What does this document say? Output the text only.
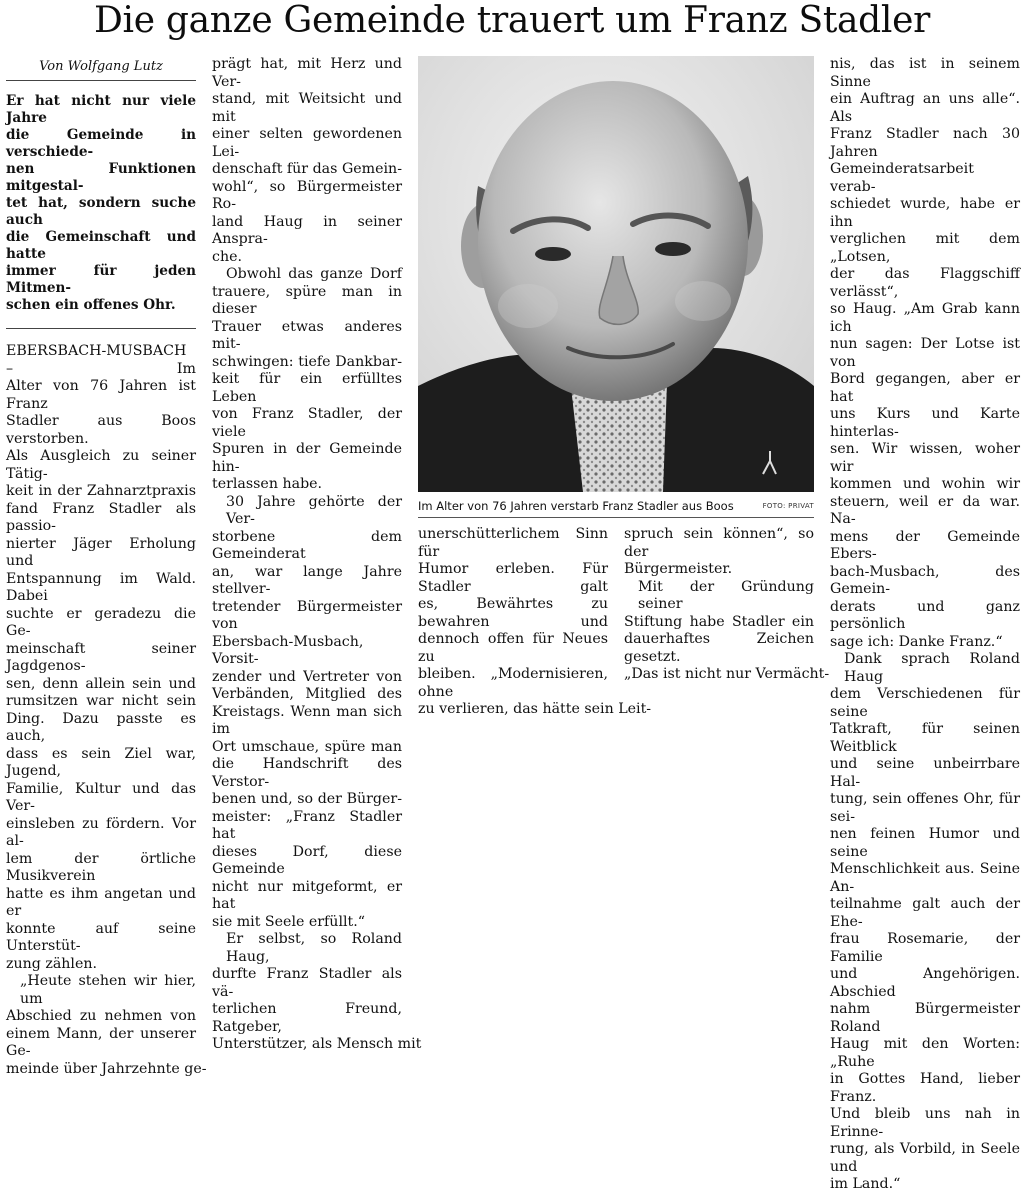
Die ganze Gemeinde trauert um Franz Stadler
Von Wolfgang Lutz
Er hat nicht nur viele Jahre
die Gemeinde in verschiede-
nen Funktionen mitgestal-
tet hat, sondern suche auch
die Gemeinschaft und hatte
immer für jeden Mitmen-
schen ein offenes Ohr.
EBERSBACH-MUSBACH – Im
Alter von 76 Jahren ist Franz
Stadler aus Boos verstorben.
Als Ausgleich zu seiner Tätig-
keit in der Zahnarztpraxis
fand Franz Stadler als passio-
nierter Jäger Erholung und
Entspannung im Wald. Dabei
suchte er geradezu die Ge-
meinschaft seiner Jagdgenos-
sen, denn allein sein und
rumsitzen war nicht sein
Ding. Dazu passte es auch,
dass es sein Ziel war, Jugend,
Familie, Kultur und das Ver-
einsleben zu fördern. Vor al-
lem der örtliche Musikverein
hatte es ihm angetan und er
konnte auf seine Unterstüt-
zung zählen.
„Heute stehen wir hier, um
Abschied zu nehmen von
einem Mann, der unserer Ge-
meinde über Jahrzehnte ge-
prägt hat, mit Herz und Ver-
stand, mit Weitsicht und mit
einer selten gewordenen Lei-
denschaft für das Gemein-
wohl“, so Bürgermeister Ro-
land Haug in seiner Anspra-
che.
Obwohl das ganze Dorf
trauere, spüre man in dieser
Trauer etwas anderes mit-
schwingen: tiefe Dankbar-
keit für ein erfülltes Leben
von Franz Stadler, der viele
Spuren in der Gemeinde hin-
terlassen habe.
30 Jahre gehörte der Ver-
storbene dem Gemeinderat
an, war lange Jahre stellver-
tretender Bürgermeister von
Ebersbach-Musbach, Vorsit-
zender und Vertreter von
Verbänden, Mitglied des
Kreistags. Wenn man sich im
Ort umschaue, spüre man
die Handschrift des Verstor-
benen und, so der Bürger-
meister: „Franz Stadler hat
dieses Dorf, diese Gemeinde
nicht nur mitgeformt, er hat
sie mit Seele erfüllt.“
Er selbst, so Roland Haug,
durfte Franz Stadler als vä-
terlichen Freund, Ratgeber,
Unterstützer, als Mensch mit
Im Alter von 76 Jahren verstarb Franz Stadler aus Boos	FOTO: PRIVAT
unerschütterlichem Sinn für
Humor erleben. Für Stadler galt
es, Bewährtes zu bewahren und
dennoch offen für Neues zu
bleiben. „Modernisieren, ohne
zu verlieren, das hätte sein Leit-
spruch sein können“, so der
Bürgermeister.
Mit der Gründung seiner
Stiftung habe Stadler ein
dauerhaftes Zeichen gesetzt.
„Das ist nicht nur Vermächt-
nis, das ist in seinem Sinne
ein Auftrag an uns alle“. Als
Franz Stadler nach 30 Jahren
Gemeinderatsarbeit verab-
schiedet wurde, habe er ihn
verglichen mit dem „Lotsen,
der das Flaggschiff verlässt“,
so Haug. „Am Grab kann ich
nun sagen: Der Lotse ist von
Bord gegangen, aber er hat
uns Kurs und Karte hinterlas-
sen. Wir wissen, woher wir
kommen und wohin wir
steuern, weil er da war. Na-
mens der Gemeinde Ebers-
bach-Musbach, des Gemein-
derats und ganz persönlich
sage ich: Danke Franz.“
Dank sprach Roland Haug
dem Verschiedenen für seine
Tatkraft, für seinen Weitblick
und seine unbeirrbare Hal-
tung, sein offenes Ohr, für sei-
nen feinen Humor und seine
Menschlichkeit aus. Seine An-
teilnahme galt auch der Ehe-
frau Rosemarie, der Familie
und Angehörigen. Abschied
nahm Bürgermeister Roland
Haug mit den Worten: „Ruhe
in Gottes Hand, lieber Franz.
Und bleib uns nah in Erinne-
rung, als Vorbild, in Seele und
im Land.“
